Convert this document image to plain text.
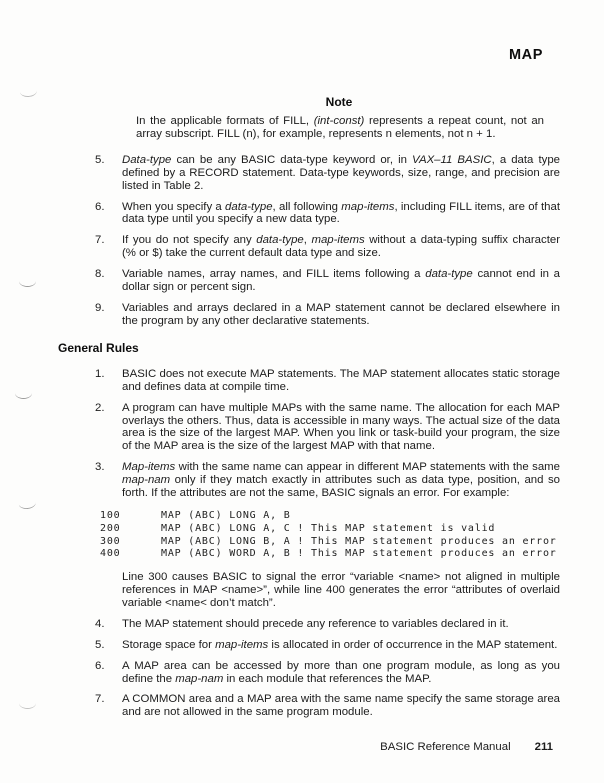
MAP
Note
In the applicable formats of FILL, (int-const) represents a repeat count, not an array subscript. FILL (n), for example, represents n elements, not n + 1.
5.	Data-type can be any BASIC data-type keyword or, in VAX–11 BASIC, a data type defined by a RECORD statement. Data-type keywords, size, range, and precision are listed in Table 2.
6.	When you specify a data-type, all following map-items, including FILL items, are of that data type until you specify a new data type.
7.	If you do not specify any data-type, map-items without a data-typing suffix character (% or $) take the current default data type and size.
8.	Variable names, array names, and FILL items following a data-type cannot end in a dollar sign or percent sign.
9.	Variables and arrays declared in a MAP statement cannot be declared elsewhere in the program by any other declarative statements.
General Rules
1.	BASIC does not execute MAP statements. The MAP statement allocates static storage and defines data at compile time.
2.	A program can have multiple MAPs with the same name. The allocation for each MAP overlays the others. Thus, data is accessible in many ways. The actual size of the data area is the size of the largest MAP. When you link or task-build your program, the size of the MAP area is the size of the largest MAP with that name.
3.	Map-items with the same name can appear in different MAP statements with the same map-nam only if they match exactly in attributes such as data type, position, and so forth. If the attributes are not the same, BASIC signals an error. For example:
100	MAP (ABC) LONG A, B
200	MAP (ABC) LONG A, C ! This MAP statement is valid
300	MAP (ABC) LONG B, A ! This MAP statement produces an error
400	MAP (ABC) WORD A, B ! This MAP statement produces an error
Line 300 causes BASIC to signal the error “variable <name> not aligned in multiple references in MAP <name>”, while line 400 generates the error “attributes of overlaid variable <name< don’t match”.
4.	The MAP statement should precede any reference to variables declared in it.
5.	Storage space for map-items is allocated in order of occurrence in the MAP statement.
6.	A MAP area can be accessed by more than one program module, as long as you define the map-nam in each module that references the MAP.
7.	A COMMON area and a MAP area with the same name specify the same storage area and are not allowed in the same program module.
BASIC Reference Manual 211
